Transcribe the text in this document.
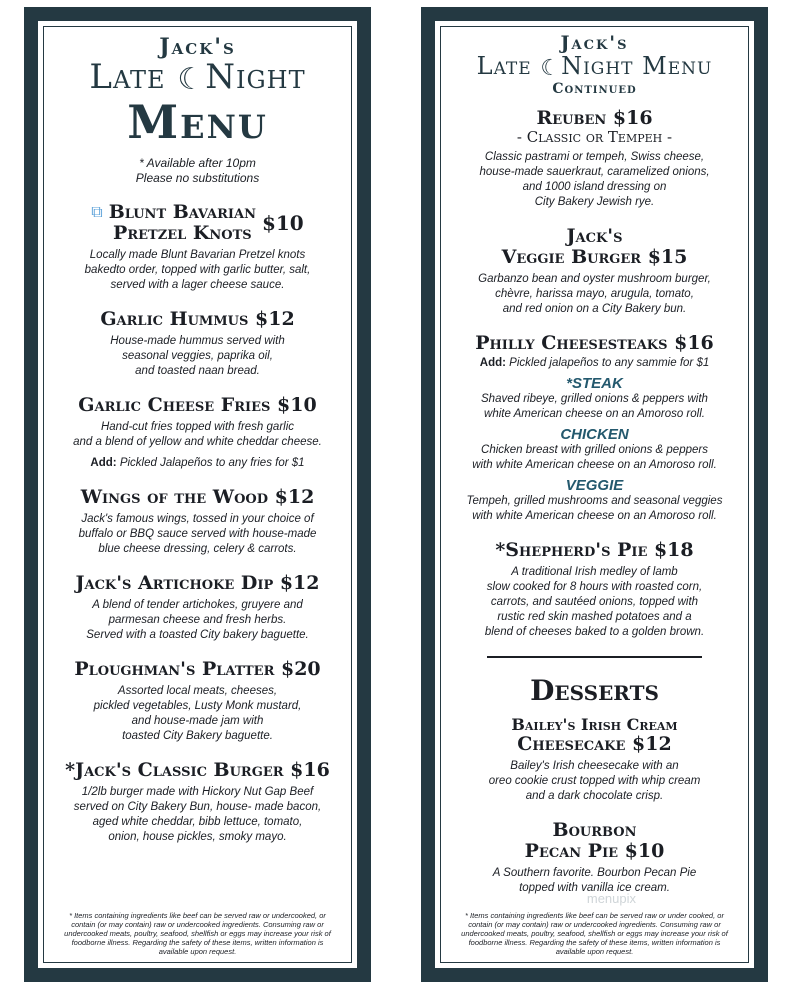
Jack's
Late ☾Night
Menu
* Available after 10pm
Please no substitutions
⧉ Blunt Bavarian
Pretzel Knots $10

Locally made Blunt Bavarian Pretzel knots

bakedto order, topped with garlic butter, salt,

served with a lager cheese sauce.

Garlic Hummus $12

House-made hummus served with

seasonal veggies, paprika oil,

and toasted naan bread.

Garlic Cheese Fries $10

Hand-cut fries topped with fresh garlic

and a blend of yellow and white cheddar cheese.

Add: Pickled Jalapeños to any fries for $1
Wings of the Wood $12

Jack's famous wings, tossed in your choice of

buffalo or BBQ sauce served with house-made

blue cheese dressing, celery & carrots.

Jack's Artichoke Dip $12

A blend of tender artichokes, gruyere and

parmesan cheese and fresh herbs.

Served with a toasted City bakery baguette.

Ploughman's Platter $20

Assorted local meats, cheeses,

pickled vegetables, Lusty Monk mustard,

and house-made jam with

toasted City Bakery baguette.

*Jack's Classic Burger $16

1/2lb burger made with Hickory Nut Gap Beef

served on City Bakery Bun, house- made bacon,

aged white cheddar, bibb lettuce, tomato,

onion, house pickles, smoky mayo.

* Items containing ingredients like beef can be served raw or undercooked, or contain (or may contain) raw or undercooked ingredients. Consuming raw or undercooked meats, poultry, seafood, shellfish or eggs may increase your risk of foodborne illness. Regarding the safety of these items, written information is available upon request.
Jack's
Late ☾Night Menu
Continued
Reuben $16
- Classic or Tempeh -

Classic pastrami or tempeh, Swiss cheese,

house-made sauerkraut, caramelized onions,

and 1000 island dressing on

City Bakery Jewish rye.

Jack's
Veggie Burger $15

Garbanzo bean and oyster mushroom burger,

chèvre, harissa mayo, arugula, tomato,

and red onion on a City Bakery bun.

Philly Cheesesteaks $16
Add: Pickled jalapeños to any sammie for $1
*STEAK

Shaved ribeye, grilled onions & peppers with

white American cheese on an Amoroso roll.

CHICKEN

Chicken breast with grilled onions & peppers

with white American cheese on an Amoroso roll.

VEGGIE

Tempeh, grilled mushrooms and seasonal veggies

with white American cheese on an Amoroso roll.

*Shepherd's Pie $18

A traditional Irish medley of lamb

slow cooked for 8 hours with roasted corn,

carrots, and sautéed onions, topped with

rustic red skin mashed potatoes and a

blend of cheeses baked to a golden brown.

Desserts
Bailey's Irish Cream
Cheesecake $12

Bailey's Irish cheesecake with an

oreo cookie crust topped with whip cream

and a dark chocolate crisp.

Bourbon
Pecan Pie $10

A Southern favorite. Bourbon Pecan Pie

topped with vanilla ice cream.

* Items containing ingredients like beef can be served raw or under cooked, or contain (or may contain) raw or undercooked ingredients. Consuming raw or undercooked meats, poultry, seafood, shellfish or eggs may increase your risk of foodborne illness. Regarding the safety of these items, written information is available upon request.
menupix
